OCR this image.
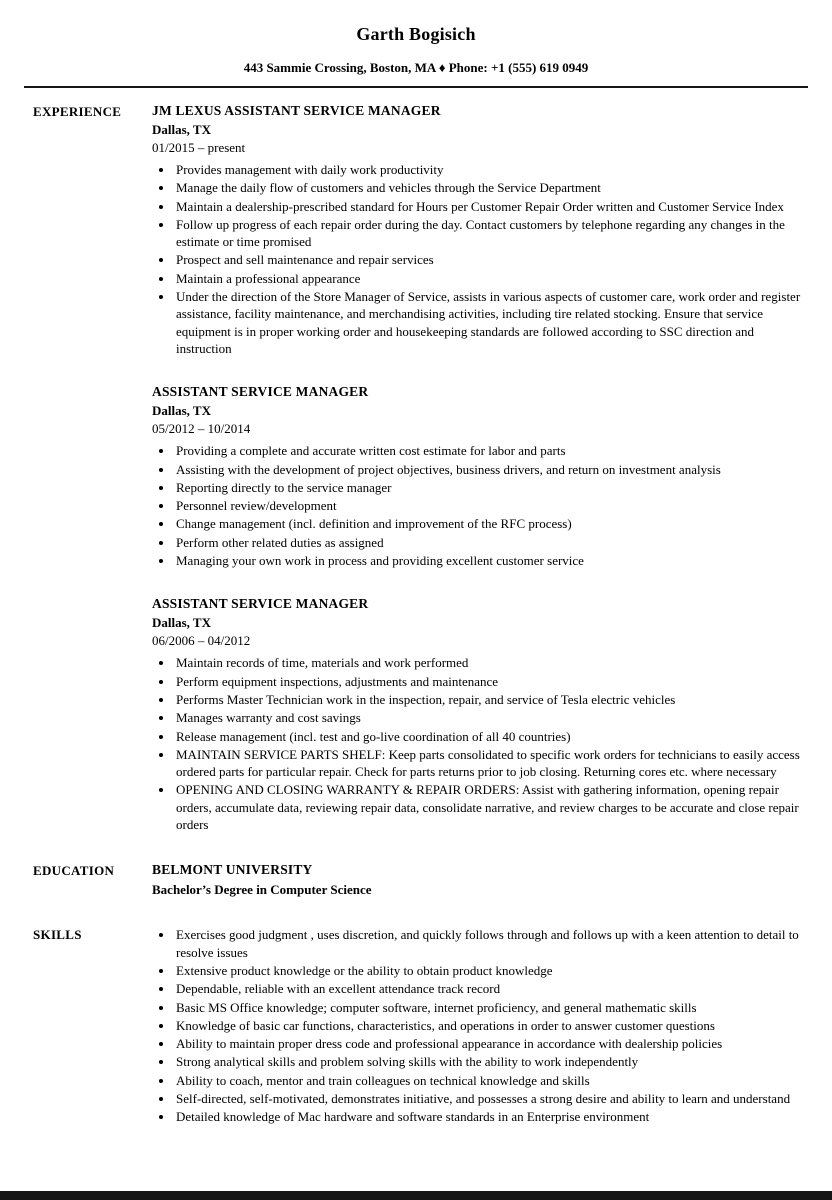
Garth Bogisich
443 Sammie Crossing, Boston, MA ♦ Phone: +1 (555) 619 0949
EXPERIENCE	JM LEXUS ASSISTANT SERVICE MANAGER
Dallas, TX
01/2015 – present
• Provides management with daily work productivity
• Manage the daily flow of customers and vehicles through the Service Department
• Maintain a dealership-prescribed standard for Hours per Customer Repair Order written and Customer Service Index
• Follow up progress of each repair order during the day. Contact customers by telephone regarding any changes in the estimate or time promised
• Prospect and sell maintenance and repair services
• Maintain a professional appearance
• Under the direction of the Store Manager of Service, assists in various aspects of customer care, work order and register assistance, facility maintenance, and merchandising activities, including tire related stocking. Ensure that service equipment is in proper working order and housekeeping standards are followed according to SSC direction and instruction
ASSISTANT SERVICE MANAGER
Dallas, TX
05/2012 – 10/2014
• Providing a complete and accurate written cost estimate for labor and parts
• Assisting with the development of project objectives, business drivers, and return on investment analysis
• Reporting directly to the service manager
• Personnel review/development
• Change management (incl. definition and improvement of the RFC process)
• Perform other related duties as assigned
• Managing your own work in process and providing excellent customer service
ASSISTANT SERVICE MANAGER
Dallas, TX
06/2006 – 04/2012
• Maintain records of time, materials and work performed
• Perform equipment inspections, adjustments and maintenance
• Performs Master Technician work in the inspection, repair, and service of Tesla electric vehicles
• Manages warranty and cost savings
• Release management (incl. test and go-live coordination of all 40 countries)
• MAINTAIN SERVICE PARTS SHELF: Keep parts consolidated to specific work orders for technicians to easily access ordered parts for particular repair. Check for parts returns prior to job closing. Returning cores etc. where necessary
• OPENING AND CLOSING WARRANTY & REPAIR ORDERS: Assist with gathering information, opening repair orders, accumulate data, reviewing repair data, consolidate narrative, and review charges to be accurate and close repair orders
EDUCATION	BELMONT UNIVERSITY
Bachelor’s Degree in Computer Science
SKILLS	• Exercises good judgment , uses discretion, and quickly follows through and follows up with a keen attention to detail to resolve issues
• Extensive product knowledge or the ability to obtain product knowledge
• Dependable, reliable with an excellent attendance track record
• Basic MS Office knowledge; computer software, internet proficiency, and general mathematic skills
• Knowledge of basic car functions, characteristics, and operations in order to answer customer questions
• Ability to maintain proper dress code and professional appearance in accordance with dealership policies
• Strong analytical skills and problem solving skills with the ability to work independently
• Ability to coach, mentor and train colleagues on technical knowledge and skills
• Self-directed, self-motivated, demonstrates initiative, and possesses a strong desire and ability to learn and understand
• Detailed knowledge of Mac hardware and software standards in an Enterprise environment
